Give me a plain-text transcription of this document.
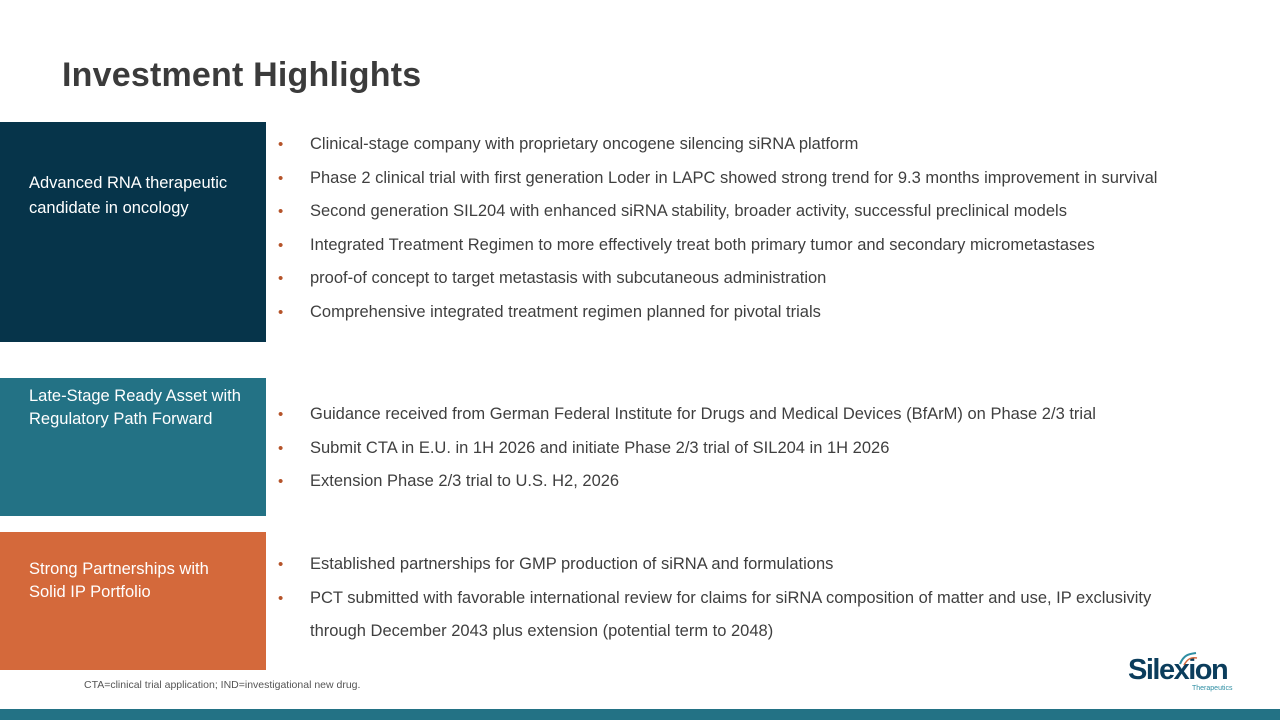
Investment Highlights
Advanced RNA therapeutic candidate in oncology
• Clinical-stage company with proprietary oncogene silencing siRNA platform
• Phase 2 clinical trial with first generation Loder in LAPC showed strong trend for 9.3 months improvement in survival
• Second generation SIL204 with enhanced siRNA stability, broader activity, successful preclinical models
• Integrated Treatment Regimen to more effectively treat both primary tumor and secondary micrometastases
• proof-of concept to target metastasis with subcutaneous administration
• Comprehensive integrated treatment regimen planned for pivotal trials
Late-Stage Ready Asset with Regulatory Path Forward	• Guidance received from German Federal Institute for Drugs and Medical Devices (BfArM) on Phase 2/3 trial
• Submit CTA in E.U. in 1H 2026 and initiate Phase 2/3 trial of SIL204 in 1H 2026
• Extension Phase 2/3 trial to U.S. H2, 2026
Strong Partnerships with Solid IP Portfolio
• Established partnerships for GMP production of siRNA and formulations
• PCT submitted with favorable international review for claims for siRNA composition of matter and use, IP exclusivity through December 2043 plus extension (potential term to 2048)
CTA=clinical trial application; IND=investigational new drug.	Silexion
Therapeutics
